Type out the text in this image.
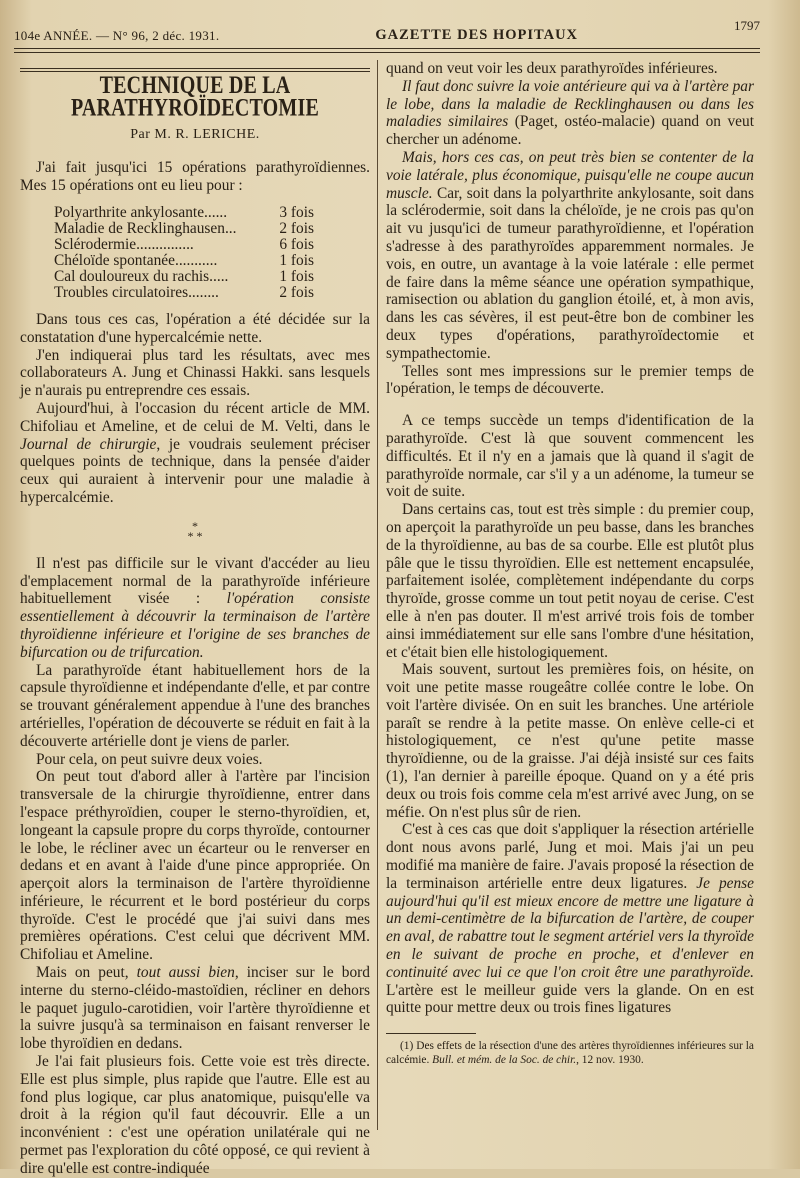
104e ANNÉE. — N° 96, 2 déc. 1931.	GAZETTE DES HOPITAUX
1797
TECHNIQUE DE LA PARATHYROÏDECTOMIE
Par M. R. LERICHE.

J'ai fait jusqu'ici 15 opérations parathyroïdiennes. Mes 15 opérations ont eu lieu pour :

Polyarthrite ankylosante ......	3 fois
Maladie de Recklinghausen ...	2 fois
Sclérodermie ...............	6 fois
Chéloïde spontanée ...........	1 fois
Cal douloureux du rachis .....	1 fois
Troubles circulatoires ........	2 fois

Dans tous ces cas, l'opération a été décidée sur la constatation d'une hypercalcémie nette.

J'en indiquerai plus tard les résultats, avec mes collaborateurs A. Jung et Chinassi Hakki. sans lesquels je n'aurais pu entreprendre ces essais.

Aujourd'hui, à l'occasion du récent article de MM. Chifoliau et Ameline, et de celui de M. Velti, dans le Journal de chirurgie, je voudrais seulement préciser quelques points de technique, dans la pensée d'aider ceux qui auraient à intervenir pour une maladie à hypercalcémie.

*
* *

Il n'est pas difficile sur le vivant d'accéder au lieu d'emplacement normal de la parathyroïde inférieure habituellement visée : l'opération consiste essentiellement à découvrir la terminaison de l'artère thyroïdienne inférieure et l'origine de ses branches de bifurcation ou de trifurcation.

La parathyroïde étant habituellement hors de la capsule thyroïdienne et indépendante d'elle, et par contre se trouvant généralement appendue à l'une des branches artérielles, l'opération de découverte se réduit en fait à la découverte artérielle dont je viens de parler.

Pour cela, on peut suivre deux voies.

On peut tout d'abord aller à l'artère par l'incision transversale de la chirurgie thyroïdienne, entrer dans l'espace préthyroïdien, couper le sterno-thyroïdien, et, longeant la capsule propre du corps thyroïde, contourner le lobe, le récliner avec un écarteur ou le renverser en dedans et en avant à l'aide d'une pince appropriée. On aperçoit alors la terminaison de l'artère thyroïdienne inférieure, le récurrent et le bord postérieur du corps thyroïde. C'est le procédé que j'ai suivi dans mes premières opérations. C'est celui que décrivent MM. Chifoliau et Ameline.

Mais on peut, tout aussi bien, inciser sur le bord interne du sterno-cléido-mastoïdien, récliner en dehors le paquet jugulo-carotidien, voir l'artère thyroïdienne et la suivre jusqu'à sa terminaison en faisant renverser le lobe thyroïdien en dedans.

Je l'ai fait plusieurs fois. Cette voie est très directe. Elle est plus simple, plus rapide que l'autre. Elle est au fond plus logique, car plus anatomique, puisqu'elle va droit à la région qu'il faut découvrir. Elle a un inconvénient : c'est une opération unilatérale qui ne permet pas l'exploration du côté opposé, ce qui revient à dire qu'elle est contre-indiquée

quand on veut voir les deux parathyroïdes inférieures.

Il faut donc suivre la voie antérieure qui va à l'artère par le lobe, dans la maladie de Recklinghausen ou dans les maladies similaires (Paget, ostéo-malacie) quand on veut chercher un adénome.

Mais, hors ces cas, on peut très bien se contenter de la voie latérale, plus économique, puisqu'elle ne coupe aucun muscle. Car, soit dans la polyarthrite ankylosante, soit dans la sclérodermie, soit dans la chéloïde, je ne crois pas qu'on ait vu jusqu'ici de tumeur parathyroïdienne, et l'opération s'adresse à des parathyroïdes apparemment normales. Je vois, en outre, un avantage à la voie latérale : elle permet de faire dans la même séance une opération sympathique, ramisection ou ablation du ganglion étoilé, et, à mon avis, dans les cas sévères, il est peut-être bon de combiner les deux types d'opérations, parathyroïdectomie et sympathectomie.

Telles sont mes impressions sur le premier temps de l'opération, le temps de découverte.

A ce temps succède un temps d'identification de la parathyroïde. C'est là que souvent commencent les difficultés. Et il n'y en a jamais que là quand il s'agit de parathyroïde normale, car s'il y a un adénome, la tumeur se voit de suite.

Dans certains cas, tout est très simple : du premier coup, on aperçoit la parathyroïde un peu basse, dans les branches de la thyroïdienne, au bas de sa courbe. Elle est plutôt plus pâle que le tissu thyroïdien. Elle est nettement encapsulée, parfaitement isolée, complètement indépendante du corps thyroïde, grosse comme un tout petit noyau de cerise. C'est elle à n'en pas douter. Il m'est arrivé trois fois de tomber ainsi immédiatement sur elle sans l'ombre d'une hésitation, et c'était bien elle histologiquement.

Mais souvent, surtout les premières fois, on hésite, on voit une petite masse rougeâtre collée contre le lobe. On voit l'artère divisée. On en suit les branches. Une artériole paraît se rendre à la petite masse. On enlève celle-ci et histologiquement, ce n'est qu'une petite masse thyroïdienne, ou de la graisse. J'ai déjà insisté sur ces faits (1), l'an dernier à pareille époque. Quand on y a été pris deux ou trois fois comme cela m'est arrivé avec Jung, on se méfie. On n'est plus sûr de rien.

C'est à ces cas que doit s'appliquer la résection artérielle dont nous avons parlé, Jung et moi. Mais j'ai un peu modifié ma manière de faire. J'avais proposé la résection de la terminaison artérielle entre deux ligatures. Je pense aujourd'hui qu'il est mieux encore de mettre une ligature à un demi-centimètre de la bifurcation de l'artère, de couper en aval, de rabattre tout le segment artériel vers la thyroïde en le suivant de proche en proche, et d'enlever en continuité avec lui ce que l'on croit être une parathyroïde. L'artère est le meilleur guide vers la glande. On en est quitte pour mettre deux ou trois fines ligatures

(1) Des effets de la résection d'une des artères thyroïdiennes inférieures sur la calcémie. Bull. et mém. de la Soc. de chir., 12 nov. 1930.
